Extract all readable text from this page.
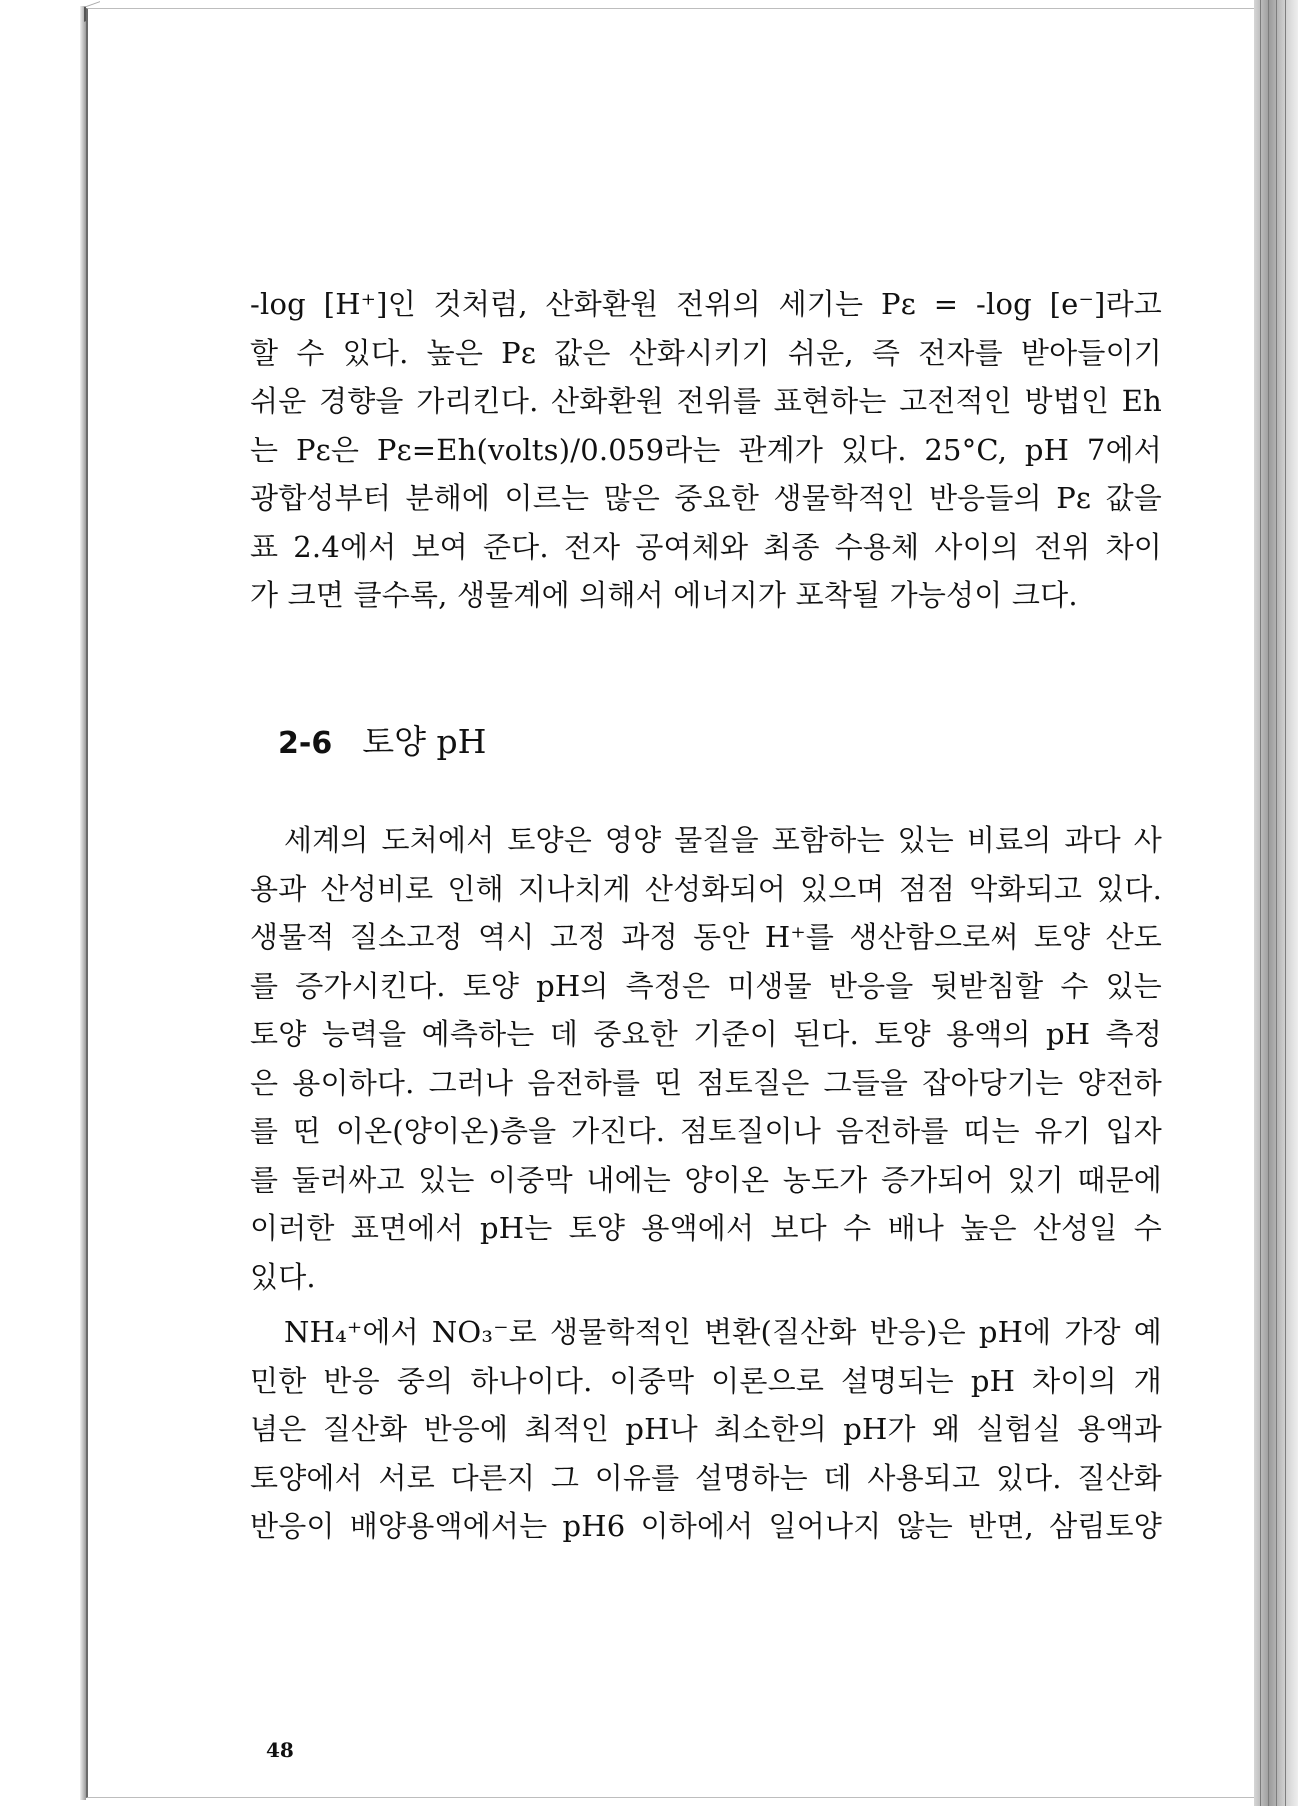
-log [H⁺]인 것처럼, 산화환원 전위의 세기는 Pε = -log [e⁻]라고
할 수 있다. 높은 Pε 값은 산화시키기 쉬운, 즉 전자를 받아들이기
쉬운 경향을 가리킨다. 산화환원 전위를 표현하는 고전적인 방법인 Eh
는 Pε은 Pε=Eh(volts)/0.059라는 관계가 있다. 25°C, pH 7에서
광합성부터 분해에 이르는 많은 중요한 생물학적인 반응들의 Pε 값을
표 2.4에서 보여 준다. 전자 공여체와 최종 수용체 사이의 전위 차이
가 크면 클수록, 생물계에 의해서 에너지가 포착될 가능성이 크다.
2-6 토양 pH
세계의 도처에서 토양은 영양 물질을 포함하는 있는 비료의 과다 사
용과 산성비로 인해 지나치게 산성화되어 있으며 점점 악화되고 있다.
생물적 질소고정 역시 고정 과정 동안 H⁺를 생산함으로써 토양 산도
를 증가시킨다. 토양 pH의 측정은 미생물 반응을 뒷받침할 수 있는
토양 능력을 예측하는 데 중요한 기준이 된다. 토양 용액의 pH 측정
은 용이하다. 그러나 음전하를 띤 점토질은 그들을 잡아당기는 양전하
를 띤 이온(양이온)층을 가진다. 점토질이나 음전하를 띠는 유기 입자
를 둘러싸고 있는 이중막 내에는 양이온 농도가 증가되어 있기 때문에
이러한 표면에서 pH는 토양 용액에서 보다 수 배나 높은 산성일 수
있다.
NH₄⁺에서 NO₃⁻로 생물학적인 변환(질산화 반응)은 pH에 가장 예
민한 반응 중의 하나이다. 이중막 이론으로 설명되는 pH 차이의 개
념은 질산화 반응에 최적인 pH나 최소한의 pH가 왜 실험실 용액과
토양에서 서로 다른지 그 이유를 설명하는 데 사용되고 있다. 질산화
반응이 배양용액에서는 pH6 이하에서 일어나지 않는 반면, 삼림토양
48
